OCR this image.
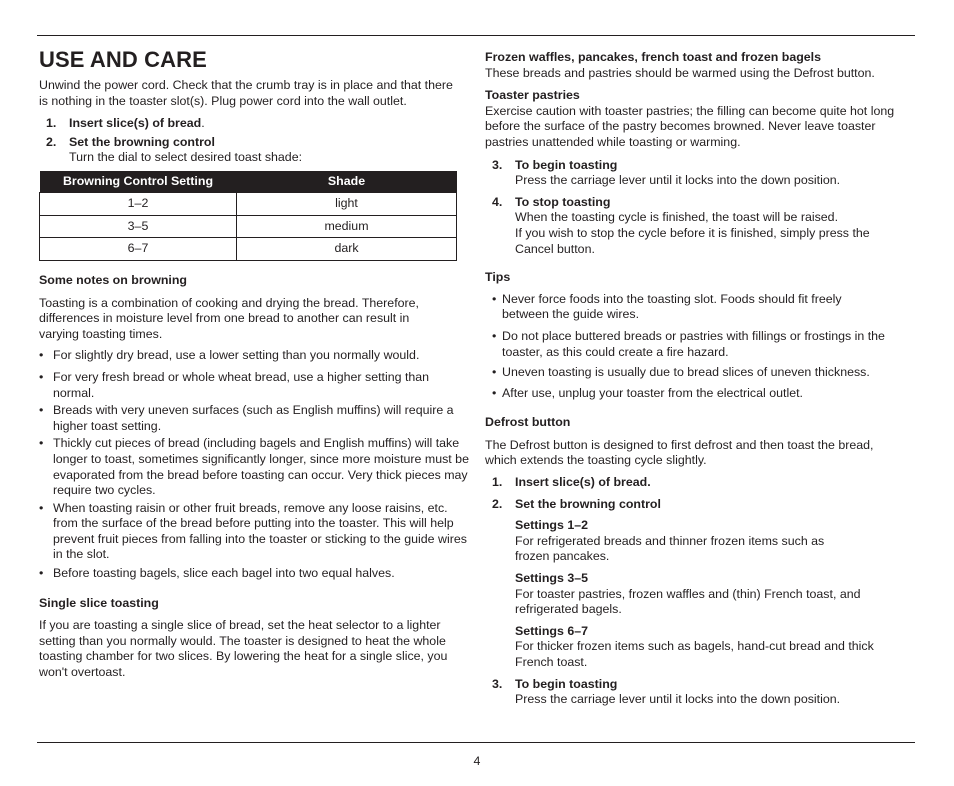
USE AND CARE

Unwind the power cord. Check that the crumb tray is in place and that there is nothing in the toaster slot(s). Plug power cord into the wall outlet.

1. Insert slice(s) of bread.
2. Set the browning control
Turn the dial to select desired toast shade:
Browning Control Setting	Shade
1–2	light
3–5	medium
6–7	dark

Some notes on browning

Toasting is a combination of cooking and drying the bread. Therefore, differences in moisture level from one bread to another can result in varying toasting times.

• For slightly dry bread, use a lower setting than you normally would.
• For very fresh bread or whole wheat bread, use a higher setting than normal.
• Breads with very uneven surfaces (such as English muffins) will require a higher toast setting.
• Thickly cut pieces of bread (including bagels and English muffins) will take longer to toast, sometimes significantly longer, since more moisture must be evaporated from the bread before toasting can occur. Very thick pieces may require two cycles.
• When toasting raisin or other fruit breads, remove any loose raisins, etc. from the surface of the bread before putting into the toaster. This will help prevent fruit pieces from falling into the toaster or sticking to the guide wires in the slot.
• Before toasting bagels, slice each bagel into two equal halves.

Single slice toasting

If you are toasting a single slice of bread, set the heat selector to a lighter setting than you normally would. The toaster is designed to heat the whole toasting chamber for two slices. By lowering the heat for a single slice, you won't overtoast.

Frozen waffles, pancakes, french toast and frozen bagels

These breads and pastries should be warmed using the Defrost button.

Toaster pastries

Exercise caution with toaster pastries; the filling can become quite hot long before the surface of the pastry becomes browned. Never leave toaster pastries unattended while toasting or warming.

3. To begin toasting
Press the carriage lever until it locks into the down position.
4. To stop toasting
When the toasting cycle is finished, the toast will be raised.
If you wish to stop the cycle before it is finished, simply press the Cancel button.

Tips

• Never force foods into the toasting slot. Foods should fit freely between the guide wires.
• Do not place buttered breads or pastries with fillings or frostings in the toaster, as this could create a fire hazard.
• Uneven toasting is usually due to bread slices of uneven thickness.
• After use, unplug your toaster from the electrical outlet.

Defrost button

The Defrost button is designed to first defrost and then toast the bread, which extends the toasting cycle slightly.

1. Insert slice(s) of bread.
2. Set the browning control
Settings 1–2
For refrigerated breads and thinner frozen items such as frozen pancakes.
Settings 3–5
For toaster pastries, frozen waffles and (thin) French toast, and refrigerated bagels.
Settings 6–7
For thicker frozen items such as bagels, hand-cut bread and thick French toast.
3. To begin toasting
Press the carriage lever until it locks into the down position.
4
